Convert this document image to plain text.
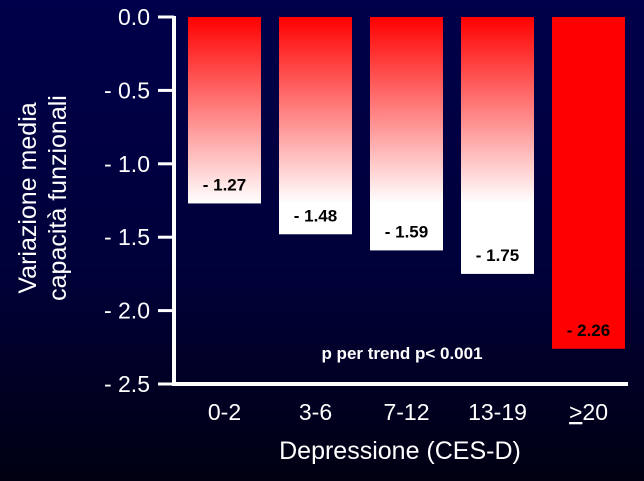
- 1.27
- 1.48
- 1.59
- 1.75
- 2.26
0.0
- 0.5
- 1.0
- 1.5
- 2.0
- 2.5
0-2	3-6 7-12 13-19 >20
Variazione media capacità funzionali
Depressione (CES-D)
p per trend p< 0.001
